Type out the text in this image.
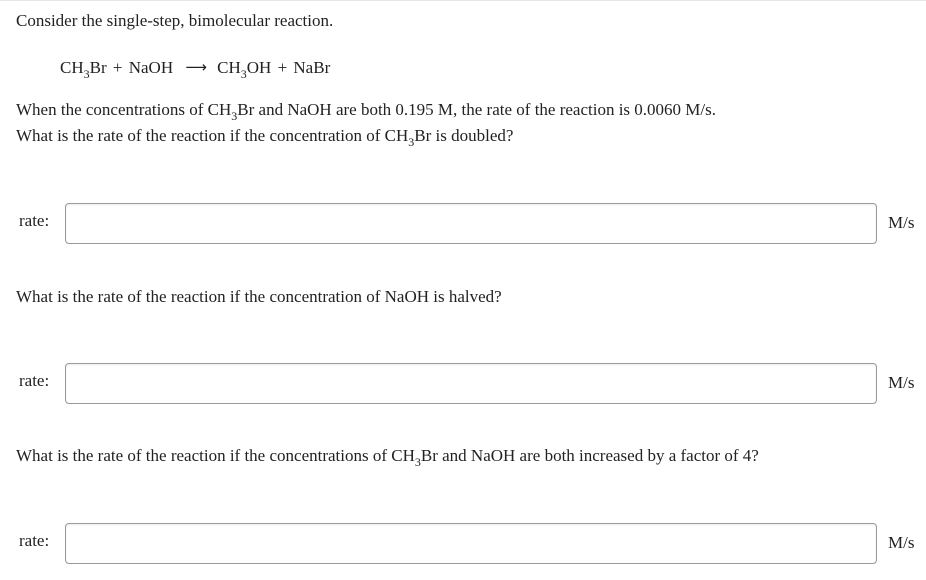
Consider the single-step, bimolecular reaction.
$CH_3Br$ + NaOH ⟶ $CH_3OH$ + NaBr
When the concentrations of $CH_3Br$ and NaOH are both 0.195 M, the rate of the reaction is 0.0060 M/s.
What is the rate of the reaction if the concentration of $CH_3Br$ is doubled?
rate:	M/s
What is the rate of the reaction if the concentration of NaOH is halved?
rate:	M/s
What is the rate of the reaction if the concentrations of $CH_3Br$ and NaOH are both increased by a factor of 4?
rate:	M/s
